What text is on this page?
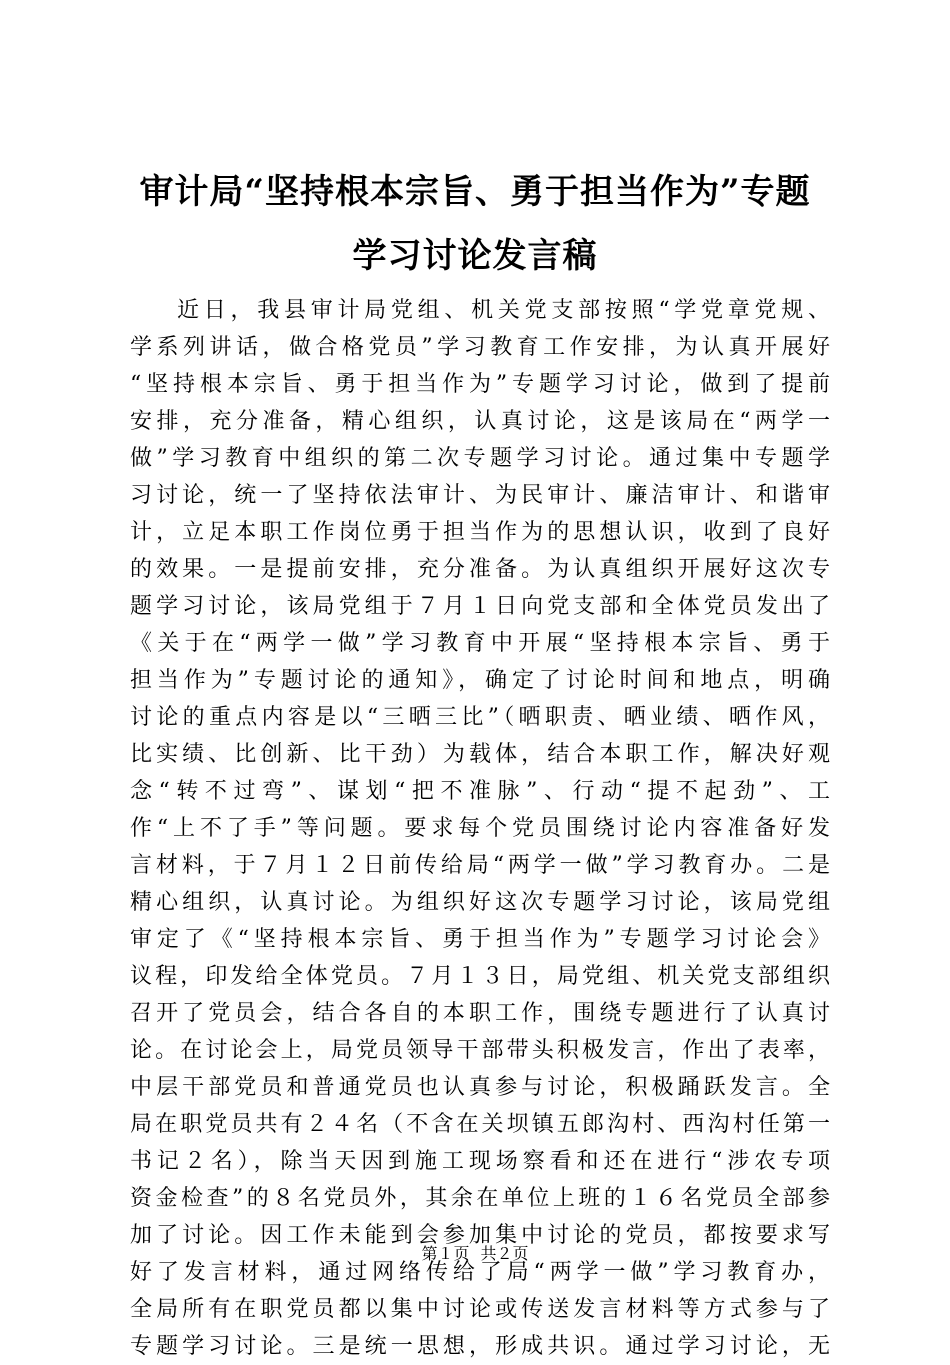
审计局“坚持根本宗旨、勇于担当作为”专题
学习讨论发言稿
近日，我县审计局党组、机关党支部按照“学党章党规、
学系列讲话，做合格党员”学习教育工作安排，为认真开展好
“坚持根本宗旨、勇于担当作为”专题学习讨论，做到了提前
安排，充分准备，精心组织，认真讨论，这是该局在“两学一
做”学习教育中组织的第二次专题学习讨论。通过集中专题学
习讨论，统一了坚持依法审计、为民审计、廉洁审计、和谐审
计，立足本职工作岗位勇于担当作为的思想认识，收到了良好
的效果。一是提前安排，充分准备。为认真组织开展好这次专
题学习讨论，该局党组于７月１日向党支部和全体党员发出了
《关于在“两学一做”学习教育中开展“坚持根本宗旨、勇于
担当作为”专题讨论的通知》，确定了讨论时间和地点，明确
讨论的重点内容是以“三晒三比”（晒职责、晒业绩、晒作风，
比实绩、比创新、比干劲）为载体，结合本职工作，解决好观
念“转不过弯”、谋划“把不准脉”、行动“提不起劲”、工
作“上不了手”等问题。要求每个党员围绕讨论内容准备好发
言材料，于７月１２日前传给局“两学一做”学习教育办。二是
精心组织，认真讨论。为组织好这次专题学习讨论，该局党组
审定了《“坚持根本宗旨、勇于担当作为”专题学习讨论会》
议程，印发给全体党员。７月１３日，局党组、机关党支部组织
召开了党员会，结合各自的本职工作，围绕专题进行了认真讨
论。在讨论会上，局党员领导干部带头积极发言，作出了表率，
中层干部党员和普通党员也认真参与讨论，积极踊跃发言。全
局在职党员共有２４名（不含在关坝镇五郎沟村、西沟村任第一
书记２名），除当天因到施工现场察看和还在进行“涉农专项
资金检查”的８名党员外，其余在单位上班的１６名党员全部参
加了讨论。因工作未能到会参加集中讨论的党员，都按要求写
好了发言材料，通过网络传给了局“两学一做”学习教育办，
全局所有在职党员都以集中讨论或传送发言材料等方式参与了
专题学习讨论。三是统一思想，形成共识。通过学习讨论，无
第１页 共２页
